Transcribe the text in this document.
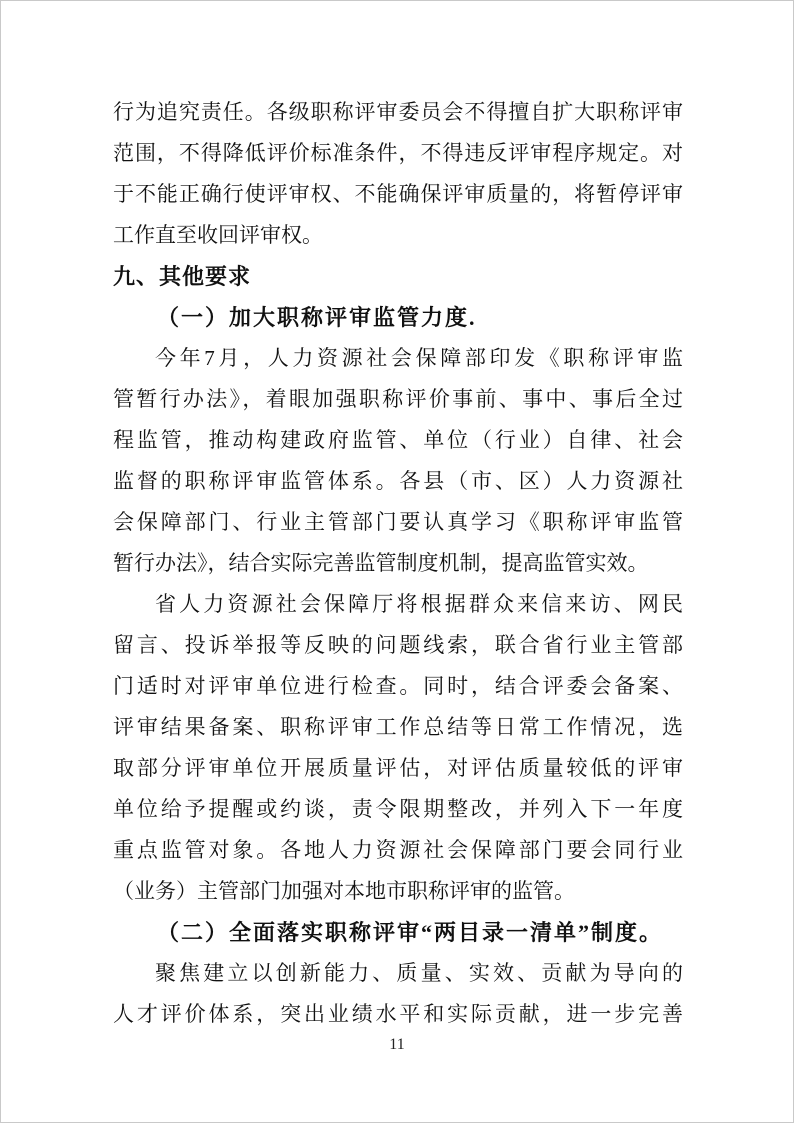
行为追究责任。各级职称评审委员会不得擅自扩大职称评审
范围，不得降低评价标准条件，不得违反评审程序规定。对
于不能正确行使评审权、不能确保评审质量的，将暂停评审
工作直至收回评审权。
九、其他要求
（一）加大职称评审监管力度.
今年7月，人力资源社会保障部印发《职称评审监
管暂行办法》，着眼加强职称评价事前、事中、事后全过
程监管，推动构建政府监管、单位（行业）自律、社会
监督的职称评审监管体系。各县（市、区）人力资源社
会保障部门、行业主管部门要认真学习《职称评审监管
暂行办法》，结合实际完善监管制度机制，提高监管实效。
省人力资源社会保障厅将根据群众来信来访、网民
留言、投诉举报等反映的问题线索，联合省行业主管部
门适时对评审单位进行检查。同时，结合评委会备案、
评审结果备案、职称评审工作总结等日常工作情况，选
取部分评审单位开展质量评估，对评估质量较低的评审
单位给予提醒或约谈，责令限期整改，并列入下一年度
重点监管对象。各地人力资源社会保障部门要会同行业
（业务）主管部门加强对本地市职称评审的监管。
（二）全面落实职称评审“两目录一清单”制度。
聚焦建立以创新能力、质量、实效、贡献为导向的
人才评价体系，突出业绩水平和实际贡献，进一步完善
11
